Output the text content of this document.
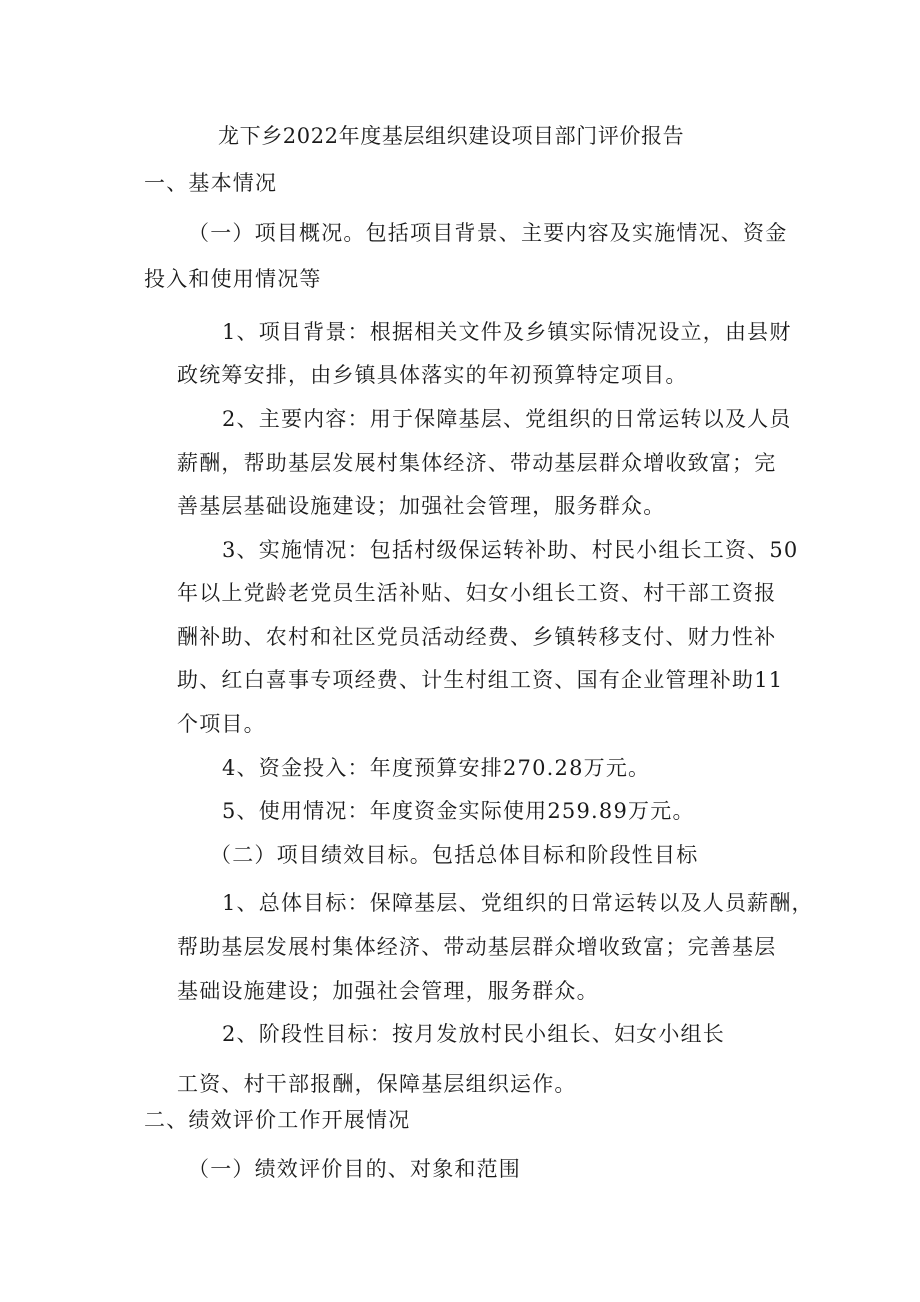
龙下乡2022年度基层组织建设项目部门评价报告
一、基本情况
（一）项目概况。包括项目背景、主要内容及实施情况、资金
投入和使用情况等
1、项目背景：根据相关文件及乡镇实际情况设立，由县财
政统筹安排，由乡镇具体落实的年初预算特定项目。
2、主要内容：用于保障基层、党组织的日常运转以及人员
薪酬，帮助基层发展村集体经济、带动基层群众增收致富；完
善基层基础设施建设；加强社会管理，服务群众。
3、实施情况：包括村级保运转补助、村民小组长工资、50
年以上党龄老党员生活补贴、妇女小组长工资、村干部工资报
酬补助、农村和社区党员活动经费、乡镇转移支付、财力性补
助、红白喜事专项经费、计生村组工资、国有企业管理补助11
个项目。
4、资金投入：年度预算安排270.28万元。
5、使用情况：年度资金实际使用259.89万元。
（二）项目绩效目标。包括总体目标和阶段性目标
1、总体目标：保障基层、党组织的日常运转以及人员薪酬，
帮助基层发展村集体经济、带动基层群众增收致富；完善基层
基础设施建设；加强社会管理，服务群众。
2、阶段性目标：按月发放村民小组长、妇女小组长
工资、村干部报酬，保障基层组织运作。
二、绩效评价工作开展情况
（一）绩效评价目的、对象和范围
